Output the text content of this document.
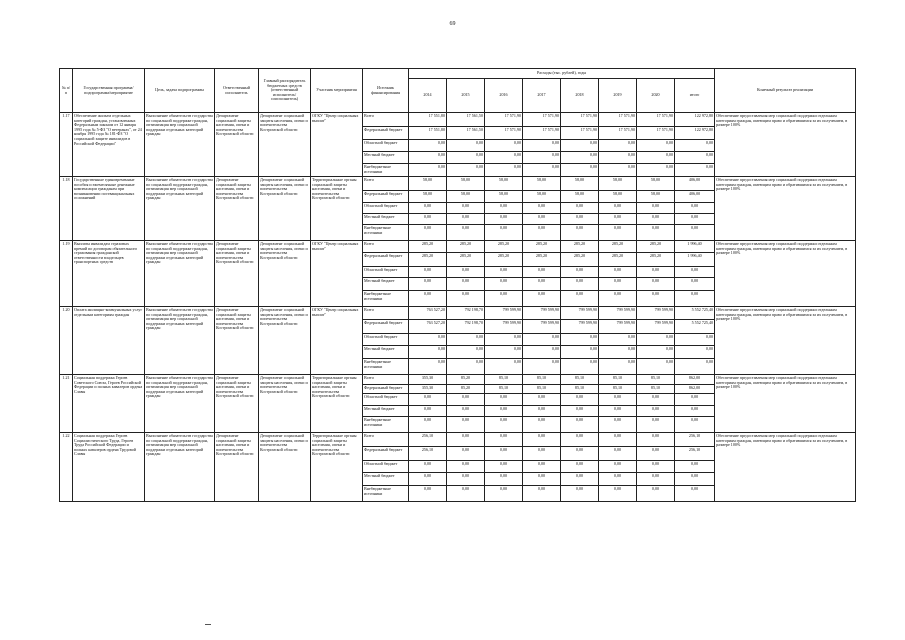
69
№ п/п	Государственная программа/подпрограмма/мероприятие	Цель, задача подпрограммы	Ответственный исполнитель	Главный распорядитель бюджетных средств (ответственный исполнитель/соисполнитель)	Участник мероприятия	Источник финансирования	Расходы (тыс. рублей), годы								Конечный результат реализации
							2014	2015	2016	2017	2018	2019	2020	итого	
1.17	Обеспечение жильем отдельных категорий граждан, установленных Федеральным законом от 12 января 1995 года № 5-ФЗ "О ветеранах", от 24 ноября 1995 года № 181-ФЗ "О социальной защите инвалидов в Российской Федерации"	Выполнение обязательств государства по социальной поддержке граждан, оптимизация мер социальной поддержки отдельных категорий граждан	Департамент социальной защиты населения, опеки и попечительства Костромской области	Департамент социальной защиты населения, опеки и попечительства Костромской области	ОГКУ "Центр социальных выплат"	Всего	17 551,80	17 561,50	17 571,90	17 571,90	17 571,90	17 571,90	17 571,90	122 972,80	Обеспечение предоставления мер социальной поддержки отдельным категориям граждан, имеющим право и обратившимся за их получением, в размере 100%
						Федеральный бюджет	17 551,80	17 561,50	17 571,90	17 571,90	17 571,90	17 571,90	17 571,90	122 972,80	
						Областной бюджет	0,00	0,00	0,00	0,00	0,00	0,00	0,00	0,00	
						Местный бюджет	0,00	0,00	0,00	0,00	0,00	0,00	0,00	0,00	
						Внебюджетные источники	0,00	0,00	0,00	0,00	0,00	0,00	0,00	0,00	
1.18	Государственные единовременные пособия и ежемесячные денежные компенсации гражданам при возникновении поствакцинальных осложнений	Выполнение обязательств государства по социальной поддержке граждан, оптимизация мер социальной поддержки отдельных категорий граждан	Департамент социальной защиты населения, опеки и попечительства Костромской области	Департамент социальной защиты населения, опеки и попечительства Костромской области	Территориальные органы социальной защиты населения, опеки и попечительства Костромской области	Всего	58,00	58,00	58,00	58,00	58,00	58,00	58,00	406,00	Обеспечение предоставления мер социальной поддержки отдельным категориям граждан, имеющим право и обратившимся за их получением, в размере 100%
						Федеральный бюджет	58,00	58,00	58,00	58,00	58,00	58,00	58,00	406,00	
						Областной бюджет	0,00	0,00	0,00	0,00	0,00	0,00	0,00	0,00	
						Местный бюджет	0,00	0,00	0,00	0,00	0,00	0,00	0,00	0,00	
						Внебюджетные источники	0,00	0,00	0,00	0,00	0,00	0,00	0,00	0,00	
1.19	Выплаты инвалидам страховых премий по договорам обязательного страхования гражданской ответственности владельцев транспортных средств	Выполнение обязательств государства по социальной поддержке граждан, оптимизация мер социальной поддержки отдельных категорий граждан	Департамент социальной защиты населения, опеки и попечительства Костромской области	Департамент социальной защиты населения, опеки и попечительства Костромской области	ОГКУ "Центр социальных выплат"	Всего	285,20	285,20	285,20	285,20	285,20	285,20	285,20	1 996,40	Обеспечение предоставления мер социальной поддержки отдельным категориям граждан, имеющим право и обратившимся за их получением, в размере 100%
						Федеральный бюджет	285,20	285,20	285,20	285,20	285,20	285,20	285,20	1 996,40	
						Областной бюджет	0,00	0,00	0,00	0,00	0,00	0,00	0,00	0,00	
						Местный бюджет	0,00	0,00	0,00	0,00	0,00	0,00	0,00	0,00	
						Внебюджетные источники	0,00	0,00	0,00	0,00	0,00	0,00	0,00	0,00	
1.20	Оплата жилищно-коммунальных услуг отдельным категориям граждан	Выполнение обязательств государства по социальной поддержке граждан, оптимизация мер социальной поддержки отдельных категорий граждан	Департамент социальной защиты населения, опеки и попечительства Костромской области	Департамент социальной защиты населения, опеки и попечительства Костромской области	ОГКУ "Центр социальных выплат"	Всего	763 527,20	792 198,70	799 599,90	799 599,90	799 599,90	799 599,90	799 599,90	5 552 725,40	Обеспечение предоставления мер социальной поддержки отдельным категориям граждан, имеющим право и обратившимся за их получением, в размере 100%
						Федеральный бюджет	763 527,20	792 198,70	799 599,90	799 599,90	799 599,90	799 599,90	799 599,90	5 552 725,40	
						Областной бюджет	0,00	0,00	0,00	0,00	0,00	0,00	0,00	0,00	
						Местный бюджет	0,00	0,00	0,00	0,00	0,00	0,00	0,00	0,00	
						Внебюджетные источники	0,00	0,00	0,00	0,00	0,00	0,00	0,00	0,00	
1.21	Социальная поддержка Героев Советского Союза, Героев Российской Федерации и полных кавалеров ордена Славы	Выполнение обязательств государства по социальной поддержке граждан, оптимизация мер социальной поддержки отдельных категорий граждан	Департамент социальной защиты населения, опеки и попечительства Костромской области	Департамент социальной защиты населения, опеки и попечительства Костромской области	Территориальные органы социальной защиты населения, опеки и попечительства Костромской области	Всего	355,30	85,20	85,10	85,10	85,10	85,10	85,10	862,00	Обеспечение предоставления мер социальной поддержки отдельным категориям граждан, имеющим право и обратившимся за их получением, в размере 100%
						Федеральный бюджет	355,30	85,20	85,10	85,10	85,10	85,10	85,10	862,00	
						Областной бюджет	0,00	0,00	0,00	0,00	0,00	0,00	0,00	0,00	
						Местный бюджет	0,00	0,00	0,00	0,00	0,00	0,00	0,00	0,00	
						Внебюджетные источники	0,00	0,00	0,00	0,00	0,00	0,00	0,00	0,00	
1.22	Социальная поддержка Героев Социалистического Труда, Героев Труда Российской Федерации и полных кавалеров ордена Трудовой Славы	Выполнение обязательств государства по социальной поддержке граждан, оптимизация мер социальной поддержки отдельных категорий граждан	Департамент социальной защиты населения, опеки и попечительства Костромской области	Департамент социальной защиты населения, опеки и попечительства Костромской области	Территориальные органы социальной защиты населения, опеки и попечительства Костромской области	Всего	256,10	0,00	0,00	0,00	0,00	0,00	0,00	256,10	Обеспечение предоставления мер социальной поддержки отдельным категориям граждан, имеющим право и обратившимся за их получением, в размере 100%
						Федеральный бюджет	256,10	0,00	0,00	0,00	0,00	0,00	0,00	256,10	
						Областной бюджет	0,00	0,00	0,00	0,00	0,00	0,00	0,00	0,00	
						Местный бюджет	0,00	0,00	0,00	0,00	0,00	0,00	0,00	0,00	
						Внебюджетные источники	0,00	0,00	0,00	0,00	0,00	0,00	0,00	0,00	
